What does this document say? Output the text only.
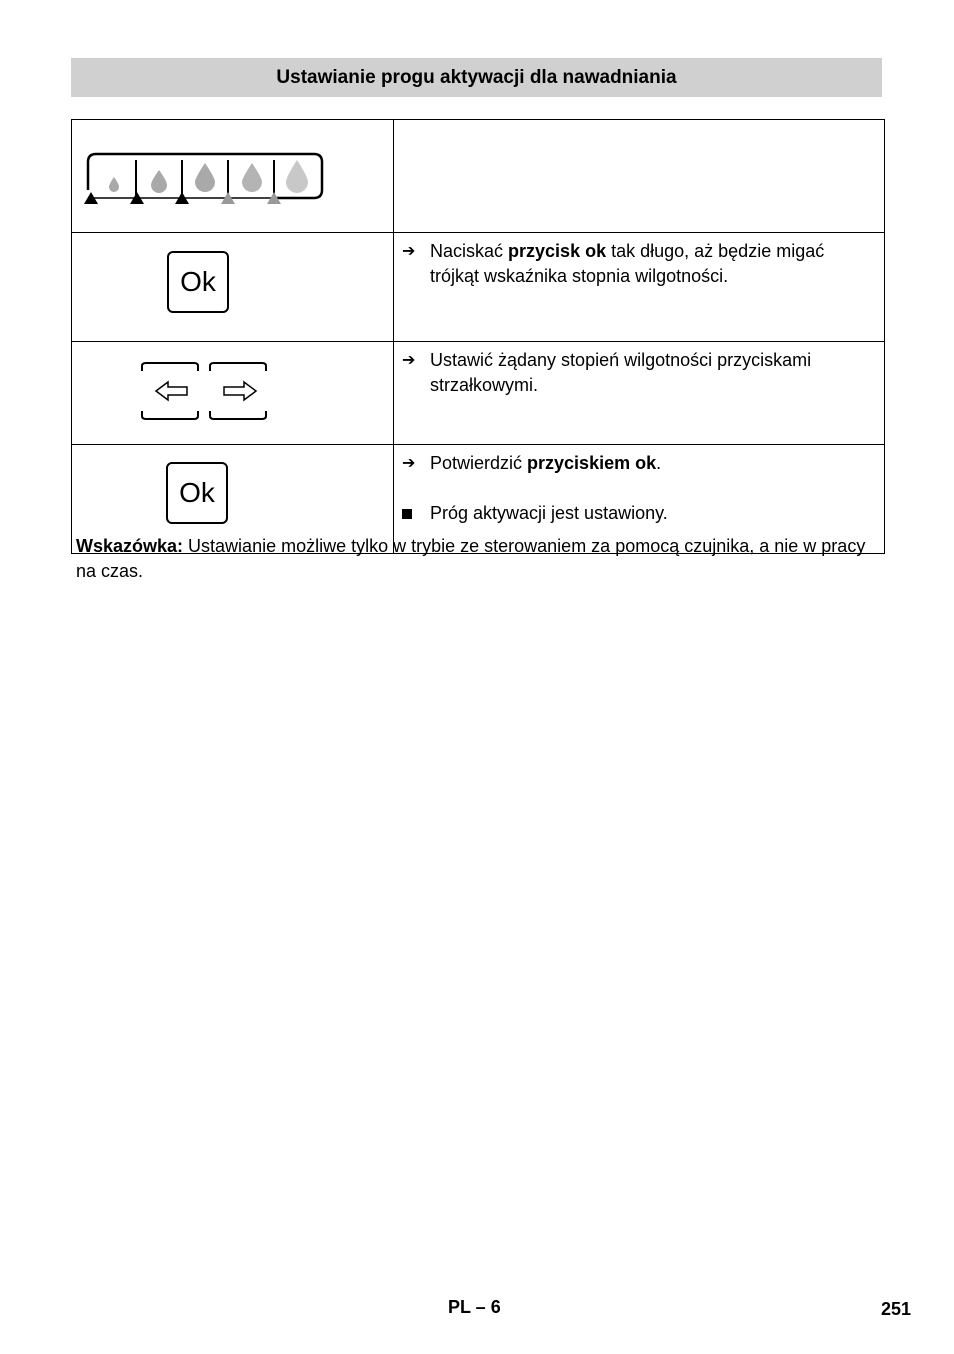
Ustawianie progu aktywacji dla nawadniania

Ok	➔ Naciskać przycisk ok tak długo, aż będzie migać trójkąt wskaźnika stopnia wilgotności.

➔ Ustawić żądany stopień wilgotności przyciskami strzałkowymi.

Ok	➔ Potwierdzić przyciskiem ok.
Próg aktywacji jest ustawiony.
Wskazówka: Ustawianie możliwe tylko w trybie ze sterowaniem za pomocą czujnika, a nie w pracy na czas.
PL – 6	251
